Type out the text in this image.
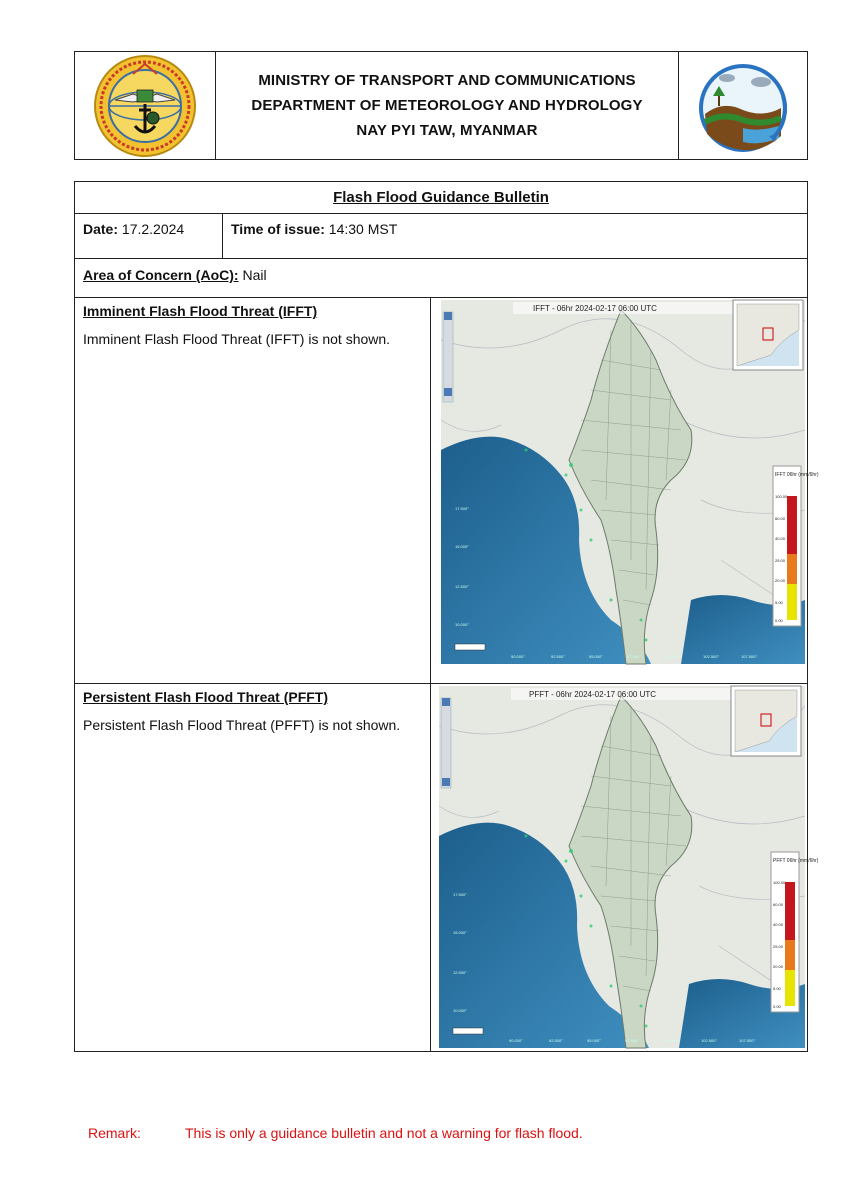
MINISTRY OF TRANSPORT AND COMMUNICATIONS
DEPARTMENT OF METEOROLOGY AND HYDROLOGY
NAY PYI TAW, MYANMAR
Flash Flood Guidance Bulletin
Date: 17.2.2024	Time of issue: 14:30 MST
Area of Concern (AoC): Nail
Imminent Flash Flood Threat (IFFT)
Imminent Flash Flood Threat (IFFT) is not shown.
IFFT - 06hr 2024-02-17 06:00 UTC
IFFT 06hr (mm/6hr)
100.00
60.00
40.00
25.00
20.00
5.00
0.00
17.500°
15.000°
12.500°
10.000°
90.000°	92.500°	95.000°	97.500°	100.000°	102.500°	107.500°
Persistent Flash Flood Threat (PFFT)
Persistent Flash Flood Threat (PFFT) is not shown.
PFFT - 06hr 2024-02-17 06:00 UTC
PFFT 06hr (mm/6hr)
100.00
60.00
40.00
25.00
20.00
5.00
0.00
17.500°
15.000°
12.500°
10.000°
90.000°	92.500°	95.000°	97.500°	100.000°	102.500°	107.500°
Remark:	This is only a guidance bulletin and not a warning for flash flood.
